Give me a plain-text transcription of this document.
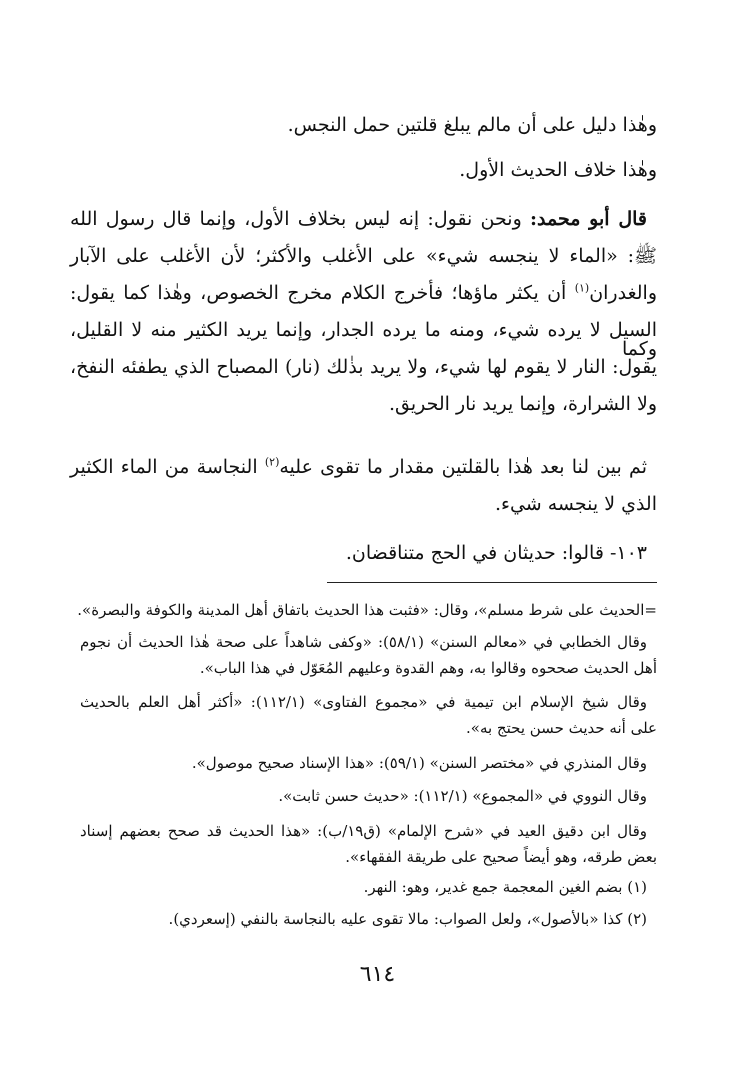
وهٰذا دليل على أن مالم يبلغ قلتين حمل النجس.
وهٰذا خلاف الحديث الأول.
قال أبو محمد: ونحن نقول: إنه ليس بخلاف الأول، وإنما قال رسول الله
ﷺ: «الماء لا ينجسه شيء» على الأغلب والأكثر؛ لأن الأغلب على الآبار
والغدران$^{(١)}$ أن يكثر ماؤها؛ فأخرج الكلام مخرج الخصوص، وهٰذا كما يقول:
السيل لا يرده شيء، ومنه ما يرده الجدار، وإنما يريد الكثير منه لا القليل، وكما
يقول: النار لا يقوم لها شيء، ولا يريد بذٰلك (نار) المصباح الذي يطفئه النفخ،
ولا الشرارة، وإنما يريد نار الحريق.
ثم بين لنا بعد هٰذا بالقلتين مقدار ما تقوى عليه$^{(٢)}$ النجاسة من الماء الكثير
الذي لا ينجسه شيء.
١٠٣- قالوا: حديثان في الحج متناقضان.
=الحديث على شرط مسلم»، وقال: «فثبت هذا الحديث باتفاق أهل المدينة والكوفة والبصرة».
وقال الخطابي في «معالم السنن» (٥٨/١): «وكفى شاهداً على صحة هٰذا الحديث أن نجوم
أهل الحديث صححوه وقالوا به، وهم القدوة وعليهم المُعَوّل في هذا الباب».
وقال شيخ الإسلام ابن تيمية في «مجموع الفتاوى» (١١٢/١): «أكثر أهل العلم بالحديث
على أنه حديث حسن يحتج به».
وقال المنذري في «مختصر السنن» (٥٩/١): «هذا الإسناد صحيح موصول».
وقال النووي في «المجموع» (١١٢/١): «حديث حسن ثابت».
وقال ابن دقيق العيد في «شرح الإلمام» (ق١٩/ب): «هذا الحديث قد صحح بعضهم إسناد
بعض طرقه، وهو أيضاً صحيح على طريقة الفقهاء».
(١) بضم الغين المعجمة جمع غدير، وهو: النهر.
(٢) كذا «بالأصول»، ولعل الصواب: مالا تقوى عليه بالنجاسة بالنفي (إسعردي).
٦١٤
